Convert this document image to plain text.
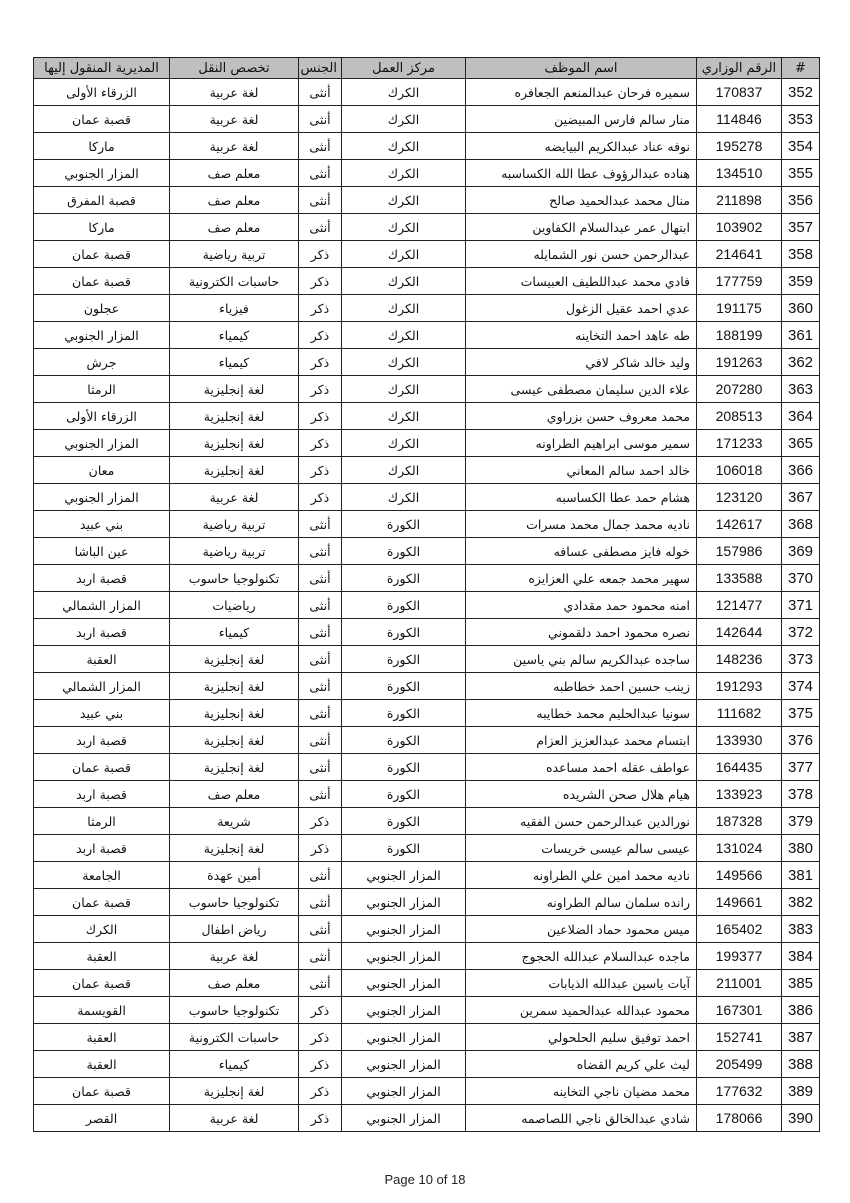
#	الرقم الوزاري	اسم الموظف	مركز العمل	الجنس	تخصص النقل	المديرية المنقول إليها
352	170837	سميره فرحان عبدالمنعم الجعافره	الكرك	أنثى	لغة عربية	الزرقاء الأولى
353	114846	منار سالم فارس المبيضين	الكرك	أنثى	لغة عربية	قصبة عمان
354	195278	نوفه عناد عبدالكريم البيايضه	الكرك	أنثى	لغة عربية	ماركا
355	134510	هناده عبدالرؤوف عطا الله الكساسبه	الكرك	أنثى	معلم صف	المزار الجنوبي
356	211898	منال محمد عبدالحميد صالح	الكرك	أنثى	معلم صف	قصبة المفرق
357	103902	ابتهال عمر عبدالسلام الكفاوين	الكرك	أنثى	معلم صف	ماركا
358	214641	عبدالرحمن حسن نور الشمايله	الكرك	ذكر	تربية رياضية	قصبة عمان
359	177759	فادي محمد عبداللطيف العبيسات	الكرك	ذكر	حاسبات الكترونية	قصبة عمان
360	191175	عدي احمد عقيل الزغول	الكرك	ذكر	فيزياء	عجلون
361	188199	طه عاهد احمد التخاينه	الكرك	ذكر	كيمياء	المزار الجنوبي
362	191263	وليد خالد شاكر لافي	الكرك	ذكر	كيمياء	جرش
363	207280	علاء الدين سليمان مصطفى عيسى	الكرك	ذكر	لغة إنجليزية	الرمثا
364	208513	محمد معروف حسن بزراوي	الكرك	ذكر	لغة إنجليزية	الزرقاء الأولى
365	171233	سمير موسى ابراهيم الطراونه	الكرك	ذكر	لغة إنجليزية	المزار الجنوبي
366	106018	خالد احمد سالم المعاني	الكرك	ذكر	لغة إنجليزية	معان
367	123120	هشام حمد عطا الكساسبه	الكرك	ذكر	لغة عربية	المزار الجنوبي
368	142617	ناديه محمد جمال محمد مسرات	الكورة	أنثى	تربية رياضية	بني عبيد
369	157986	خوله فايز مصطفى عسافه	الكورة	أنثى	تربية رياضية	عين الباشا
370	133588	سهير محمد جمعه علي العزايزه	الكورة	أنثى	تكنولوجيا حاسوب	قصبة اربد
371	121477	امنه محمود حمد مقدادي	الكورة	أنثى	رياضيات	المزار الشمالي
372	142644	نصره محمود احمد دلقموني	الكورة	أنثى	كيمياء	قصبة اربد
373	148236	ساجده عبدالكريم سالم بني ياسين	الكورة	أنثى	لغة إنجليزية	العقبة
374	191293	زينب حسين احمد خطاطبه	الكورة	أنثى	لغة إنجليزية	المزار الشمالي
375	111682	سونيا عبدالحليم محمد خطايبه	الكورة	أنثى	لغة إنجليزية	بني عبيد
376	133930	ابتسام محمد عبدالعزيز العزام	الكورة	أنثى	لغة إنجليزية	قصبة اربد
377	164435	عواطف عقله احمد مساعده	الكورة	أنثى	لغة إنجليزية	قصبة عمان
378	133923	هيام هلال صحن الشريده	الكورة	أنثى	معلم صف	قصبة اربد
379	187328	نورالدين عبدالرحمن حسن الفقيه	الكورة	ذكر	شريعة	الرمثا
380	131024	عيسى سالم عيسى خريسات	الكورة	ذكر	لغة إنجليزية	قصبة اربد
381	149566	ناديه محمد امين علي الطراونه	المزار الجنوبي	أنثى	أمين عهدة	الجامعة
382	149661	رانده سلمان سالم الطراونه	المزار الجنوبي	أنثى	تكنولوجيا حاسوب	قصبة عمان
383	165402	ميس محمود حماد الضلاعين	المزار الجنوبي	أنثى	رياض اطفال	الكرك
384	199377	ماجده عبدالسلام عبدالله الحجوج	المزار الجنوبي	أنثى	لغة عربية	العقبة
385	211001	آيات ياسين عبدالله الذيابات	المزار الجنوبي	أنثى	معلم صف	قصبة عمان
386	167301	محمود عبدالله عبدالحميد سمرين	المزار الجنوبي	ذكر	تكنولوجيا حاسوب	القويسمة
387	152741	احمد توفيق سليم الحلحولي	المزار الجنوبي	ذكر	حاسبات الكترونية	العقبة
388	205499	ليث علي كريم القضاه	المزار الجنوبي	ذكر	كيمياء	العقبة
389	177632	محمد مضيان ناجي التخاينه	المزار الجنوبي	ذكر	لغة إنجليزية	قصبة عمان
390	178066	شادي عبدالخالق ناجي اللصاصمه	المزار الجنوبي	ذكر	لغة عربية	القصر
Page 10 of 18
